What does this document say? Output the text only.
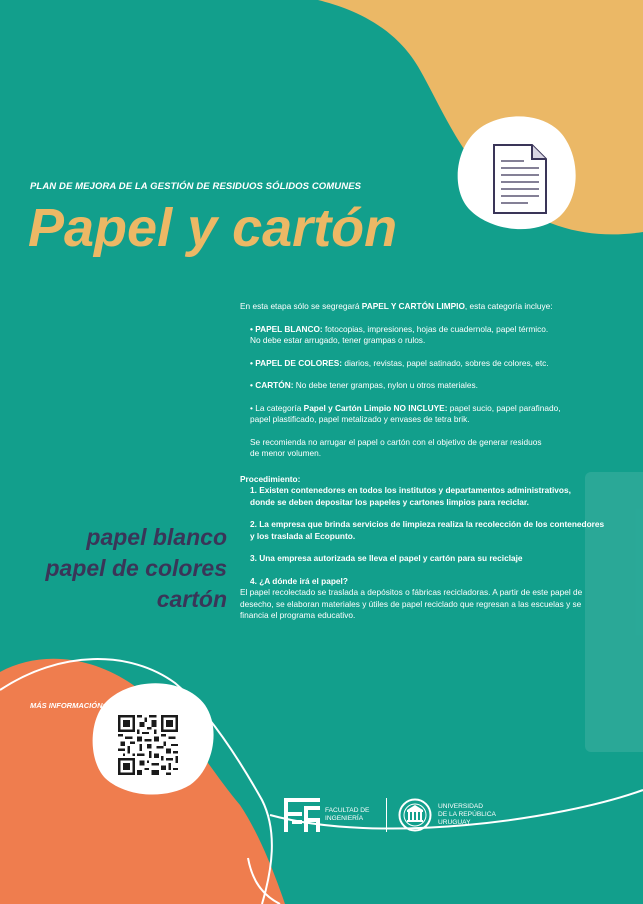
PLAN DE MEJORA DE LA GESTIÓN DE RESIDUOS SÓLIDOS COMUNES
Papel y cartón

En esta etapa sólo se segregará PAPEL Y CARTÓN LIMPIO, esta categoría incluye:

• PAPEL BLANCO: fotocopias, impresiones, hojas de cuadernola, papel térmico.
No debe estar arrugado, tener grampas o rulos.

• PAPEL DE COLORES: diarios, revistas, papel satinado, sobres de colores, etc.

• CARTÓN: No debe tener grampas, nylon u otros materiales.

• La categoría Papel y Cartón Limpio NO INCLUYE: papel sucio, papel parafinado,
papel plastificado, papel metalizado y envases de tetra brik.

Se recomienda no arrugar el papel o cartón con el objetivo de generar residuos
de menor volumen.

Procedimiento:

1. Existen contenedores en todos los institutos y departamentos administrativos,
donde se deben depositar los papeles y cartones limpios para reciclar.

2. La empresa que brinda servicios de limpieza realiza la recolección de los contenedores
y los traslada al Ecopunto.

3. Una empresa autorizada se lleva el papel y cartón para su reciclaje

4. ¿A dónde irá el papel?

El papel recolectado se traslada a depósitos o fábricas recicladoras. A partir de este papel de
desecho, se elaboran materiales y útiles de papel reciclado que regresan a las escuelas y se
financia el programa educativo.

papel blanco
papel de colores
cartón
MÁS INFORMACIÓN:
FACULTAD DE
INGENIERÍA
UNIVERSIDAD
DE LA REPÚBLICA
URUGUAY
